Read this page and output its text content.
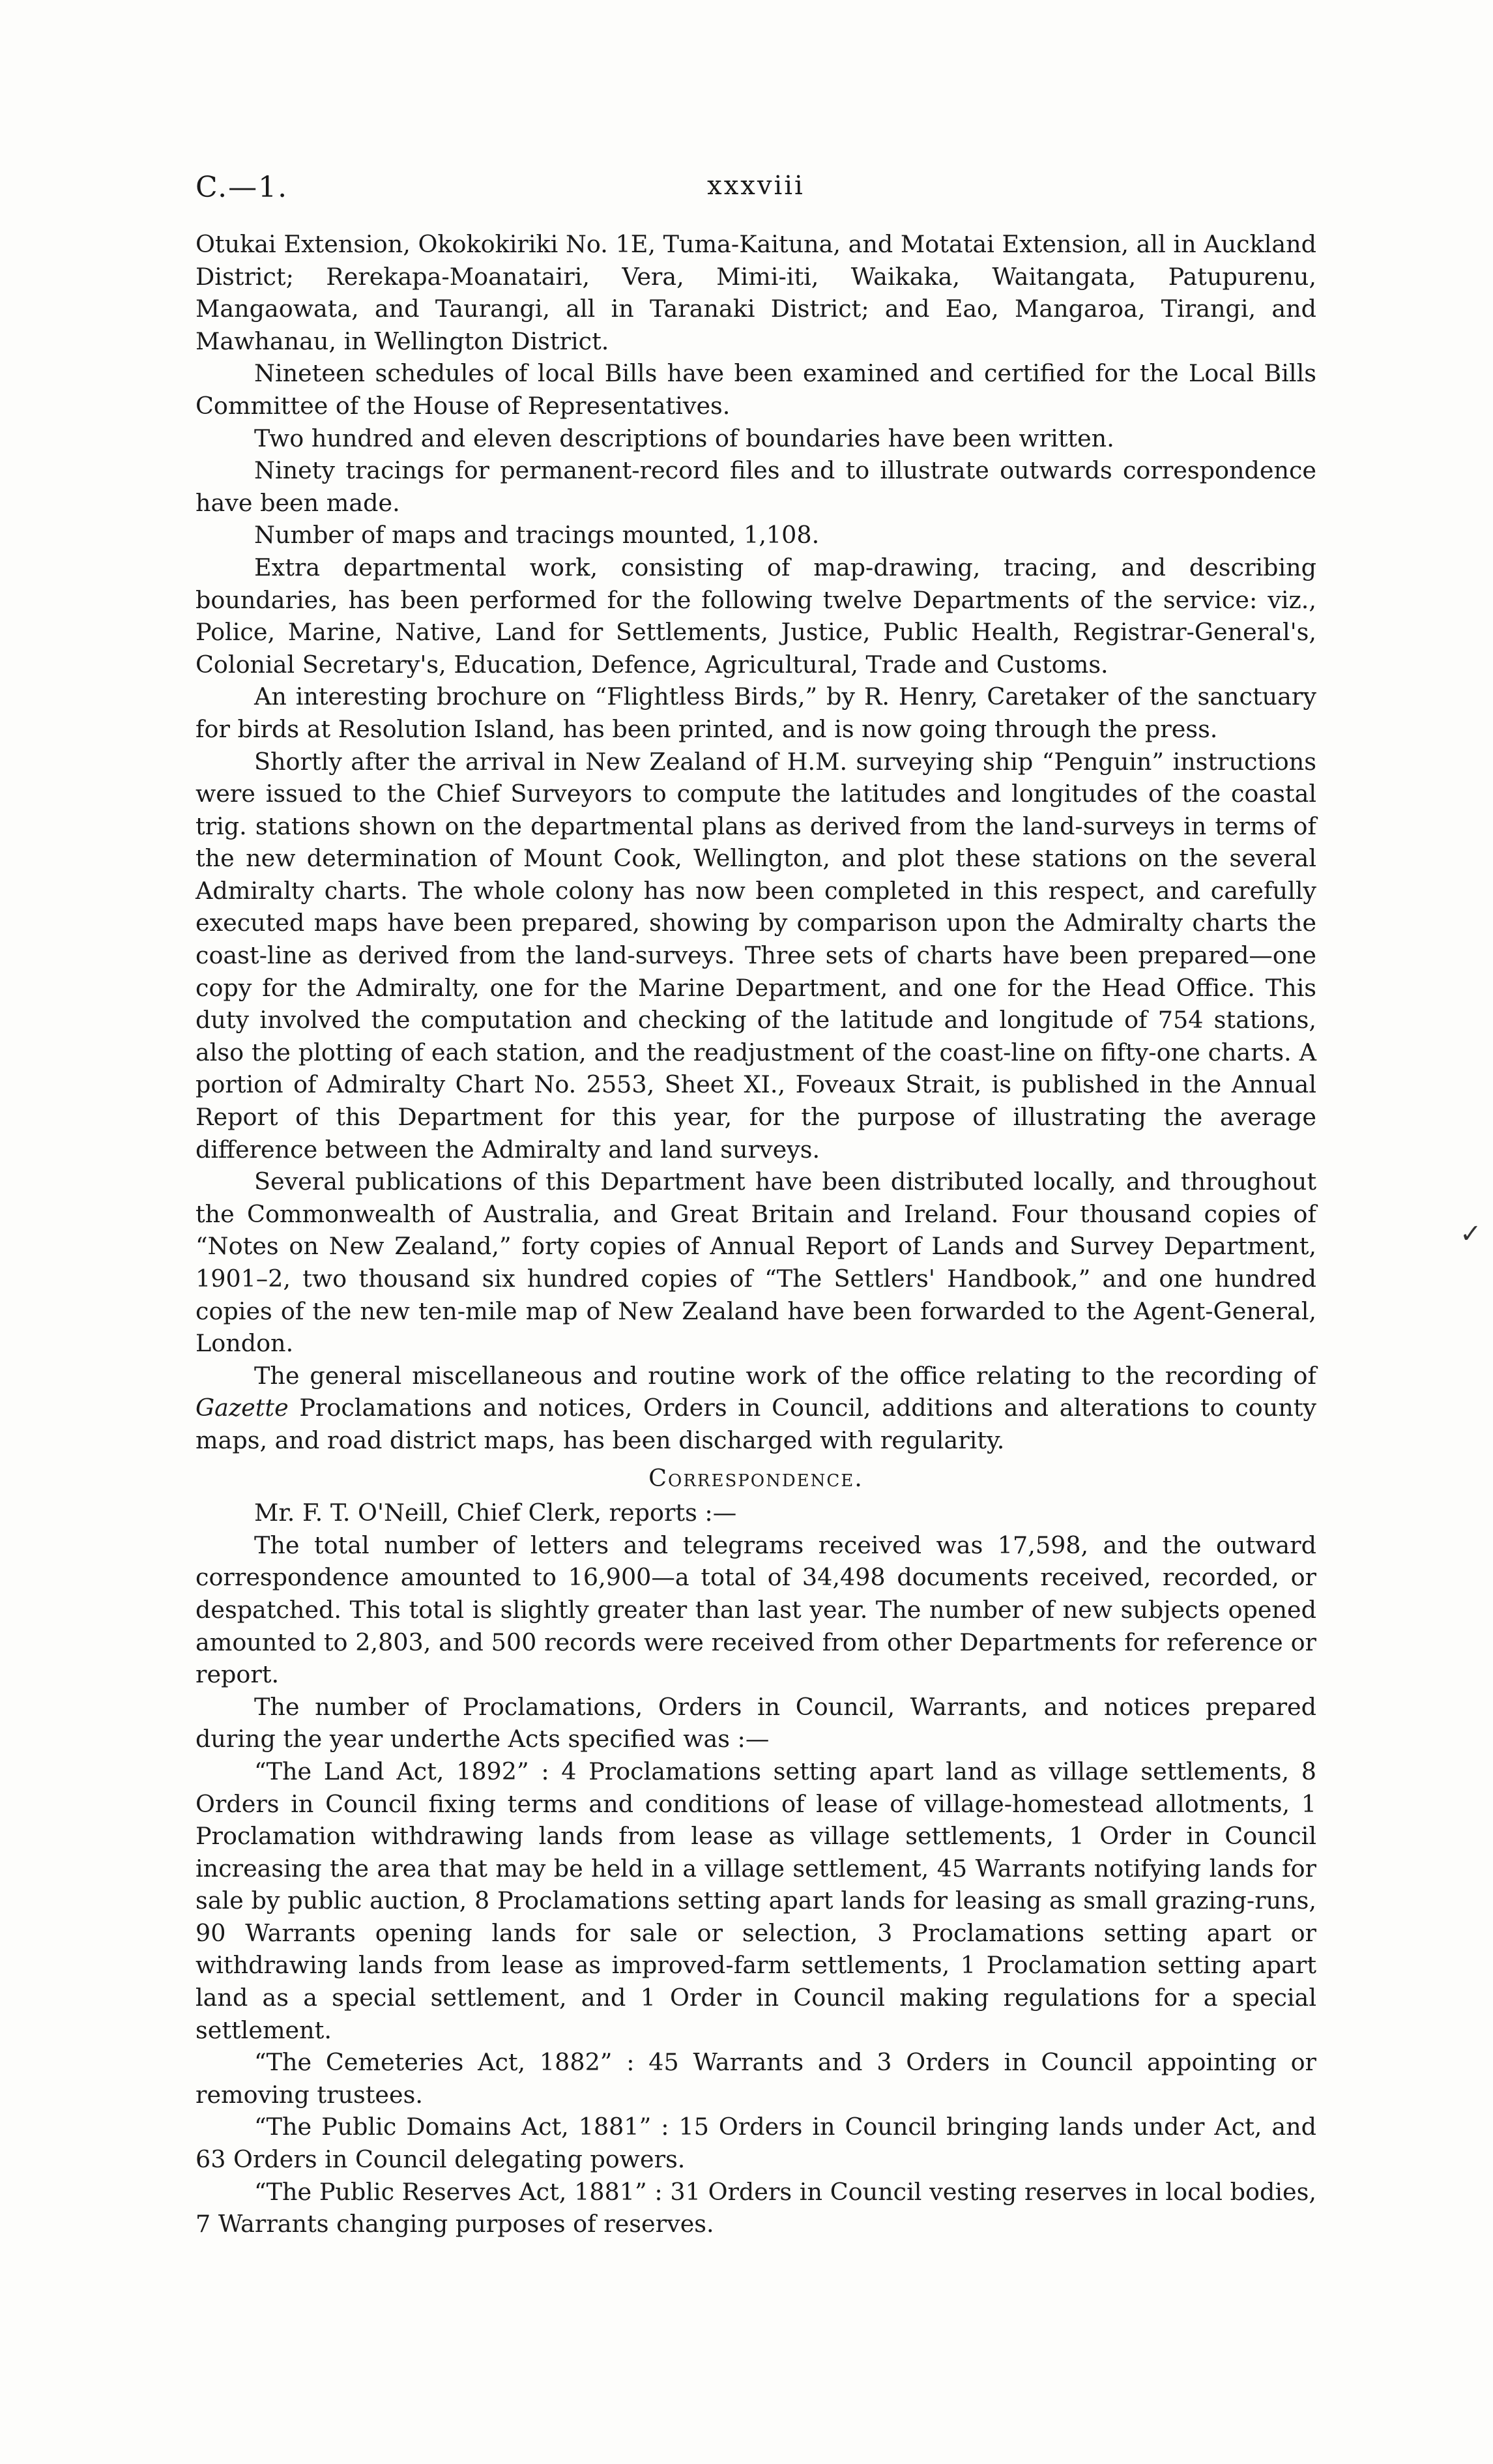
C.—1.	xxxviii

Otukai Extension, Okokokiriki No. 1E, Tuma-Kaituna, and Motatai Extension, all in Auckland District; Rerekapa-Moanatairi, Vera, Mimi-iti, Waikaka, Waitangata, Patupurenu, Mangaowata, and Taurangi, all in Taranaki District; and Eao, Mangaroa, Tirangi, and Mawhanau, in Wellington District.

Nineteen schedules of local Bills have been examined and certified for the Local Bills Committee of the House of Representatives.

Two hundred and eleven descriptions of boundaries have been written.

Ninety tracings for permanent-record files and to illustrate outwards correspondence have been made.

Number of maps and tracings mounted, 1,108.

Extra departmental work, consisting of map-drawing, tracing, and describing boundaries, has been performed for the following twelve Departments of the service: viz., Police, Marine, Native, Land for Settlements, Justice, Public Health, Registrar-General's, Colonial Secretary's, Education, Defence, Agricultural, Trade and Customs.

An interesting brochure on “Flightless Birds,” by R. Henry, Caretaker of the sanctuary for birds at Resolution Island, has been printed, and is now going through the press.

Shortly after the arrival in New Zealand of H.M. surveying ship “Penguin” instructions were issued to the Chief Surveyors to compute the latitudes and longitudes of the coastal trig. stations shown on the departmental plans as derived from the land-surveys in terms of the new determination of Mount Cook, Wellington, and plot these stations on the several Admiralty charts. The whole colony has now been completed in this respect, and carefully executed maps have been prepared, showing by comparison upon the Admiralty charts the coast-line as derived from the land-surveys. Three sets of charts have been prepared—one copy for the Admiralty, one for the Marine Department, and one for the Head Office. This duty involved the computation and checking of the latitude and longitude of 754 stations, also the plotting of each station, and the readjustment of the coast-line on fifty-one charts. A portion of Admiralty Chart No. 2553, Sheet XI., Foveaux Strait, is published in the Annual Report of this Department for this year, for the purpose of illustrating the average difference between the Admiralty and land surveys.

Several publications of this Department have been distributed locally, and throughout the Commonwealth of Australia, and Great Britain and Ireland. Four thousand copies of “Notes on New Zealand,” forty copies of Annual Report of Lands and Survey Department, 1901–2, two thousand six hundred copies of “The Settlers' Handbook,” and one hundred copies of the new ten-mile map of New Zealand have been forwarded to the Agent-General, London.

The general miscellaneous and routine work of the office relating to the recording of Gazette Proclamations and notices, Orders in Council, additions and alterations to county maps, and road district maps, has been discharged with regularity.

Correspondence.

Mr. F. T. O'Neill, Chief Clerk, reports :—

The total number of letters and telegrams received was 17,598, and the outward correspondence amounted to 16,900—a total of 34,498 documents received, recorded, or despatched. This total is slightly greater than last year. The number of new subjects opened amounted to 2,803, and 500 records were received from other Departments for reference or report.

The number of Proclamations, Orders in Council, Warrants, and notices prepared during the year underthe Acts specified was :—

“The Land Act, 1892” : 4 Proclamations setting apart land as village settlements, 8 Orders in Council fixing terms and conditions of lease of village-homestead allotments, 1 Proclamation withdrawing lands from lease as village settlements, 1 Order in Council increasing the area that may be held in a village settlement, 45 Warrants notifying lands for sale by public auction, 8 Proclamations setting apart lands for leasing as small grazing-runs, 90 Warrants opening lands for sale or selection, 3 Proclamations setting apart or withdrawing lands from lease as improved-farm settlements, 1 Proclamation setting apart land as a special settlement, and 1 Order in Council making regulations for a special settlement.

“The Cemeteries Act, 1882” : 45 Warrants and 3 Orders in Council appointing or removing trustees.

“The Public Domains Act, 1881” : 15 Orders in Council bringing lands under Act, and 63 Orders in Council delegating powers.

“The Public Reserves Act, 1881” : 31 Orders in Council vesting reserves in local bodies, 7 Warrants changing purposes of reserves.

✓
